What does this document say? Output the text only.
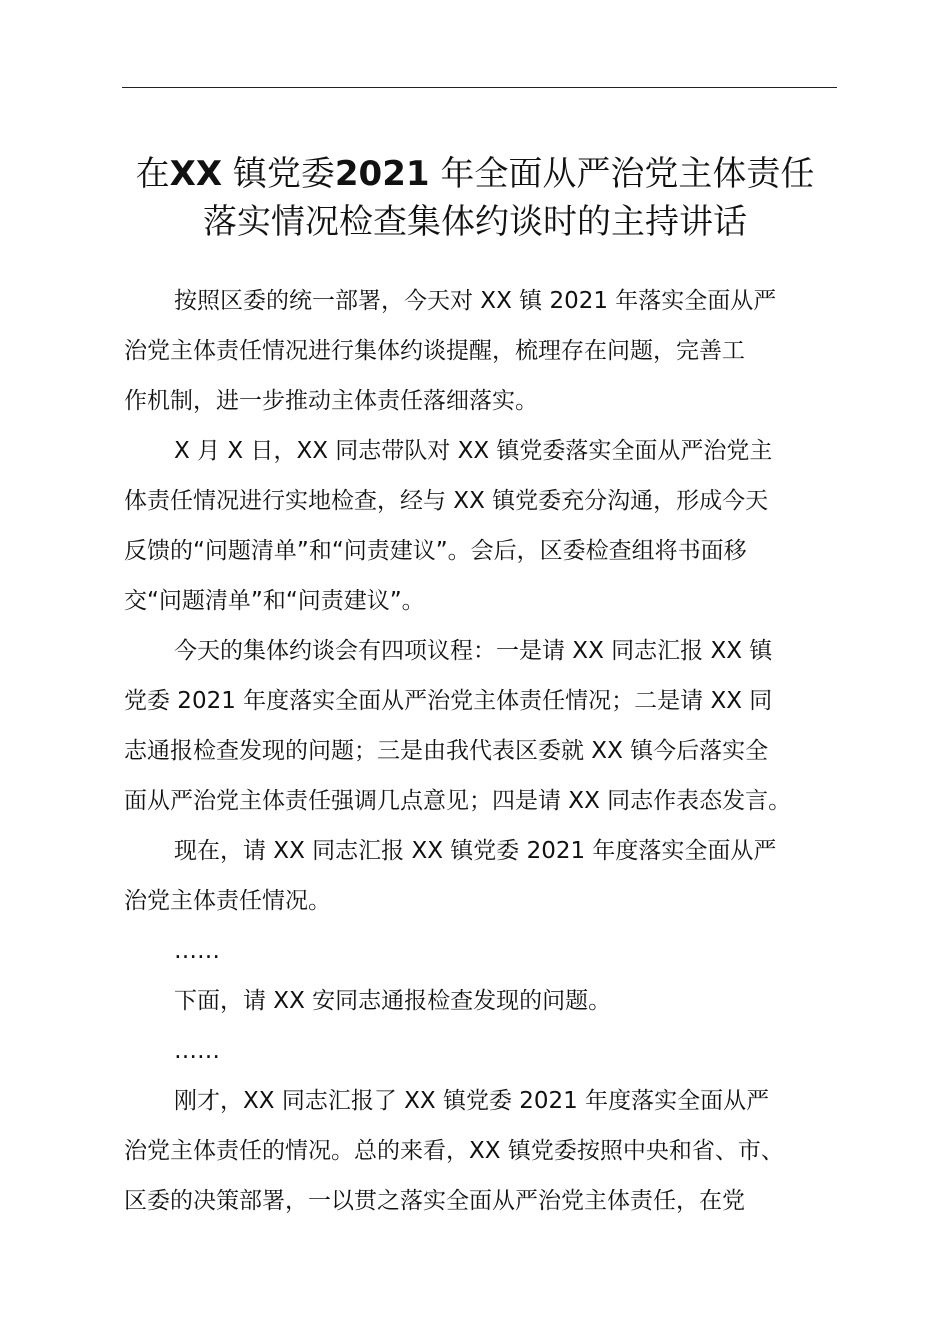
在XX 镇党委2021 年全面从严治党主体责任
落实情况检查集体约谈时的主持讲话
按照区委的统一部署，今天对 XX 镇 2021 年落实全面从严
治党主体责任情况进行集体约谈提醒，梳理存在问题，完善工
作机制，进一步推动主体责任落细落实。
X 月 X 日，XX 同志带队对 XX 镇党委落实全面从严治党主
体责任情况进行实地检查，经与 XX 镇党委充分沟通，形成今天
反馈的“问题清单”和“问责建议”。会后，区委检查组将书面移
交“问题清单”和“问责建议”。
今天的集体约谈会有四项议程：一是请 XX 同志汇报 XX 镇
党委 2021 年度落实全面从严治党主体责任情况；二是请 XX 同
志通报检查发现的问题；三是由我代表区委就 XX 镇今后落实全
面从严治党主体责任强调几点意见；四是请 XX 同志作表态发言。
现在，请 XX 同志汇报 XX 镇党委 2021 年度落实全面从严
治党主体责任情况。
……
下面，请 XX 安同志通报检查发现的问题。
……
刚才，XX 同志汇报了 XX 镇党委 2021 年度落实全面从严
治党主体责任的情况。总的来看，XX 镇党委按照中央和省、市、
区委的决策部署，一以贯之落实全面从严治党主体责任，在党
